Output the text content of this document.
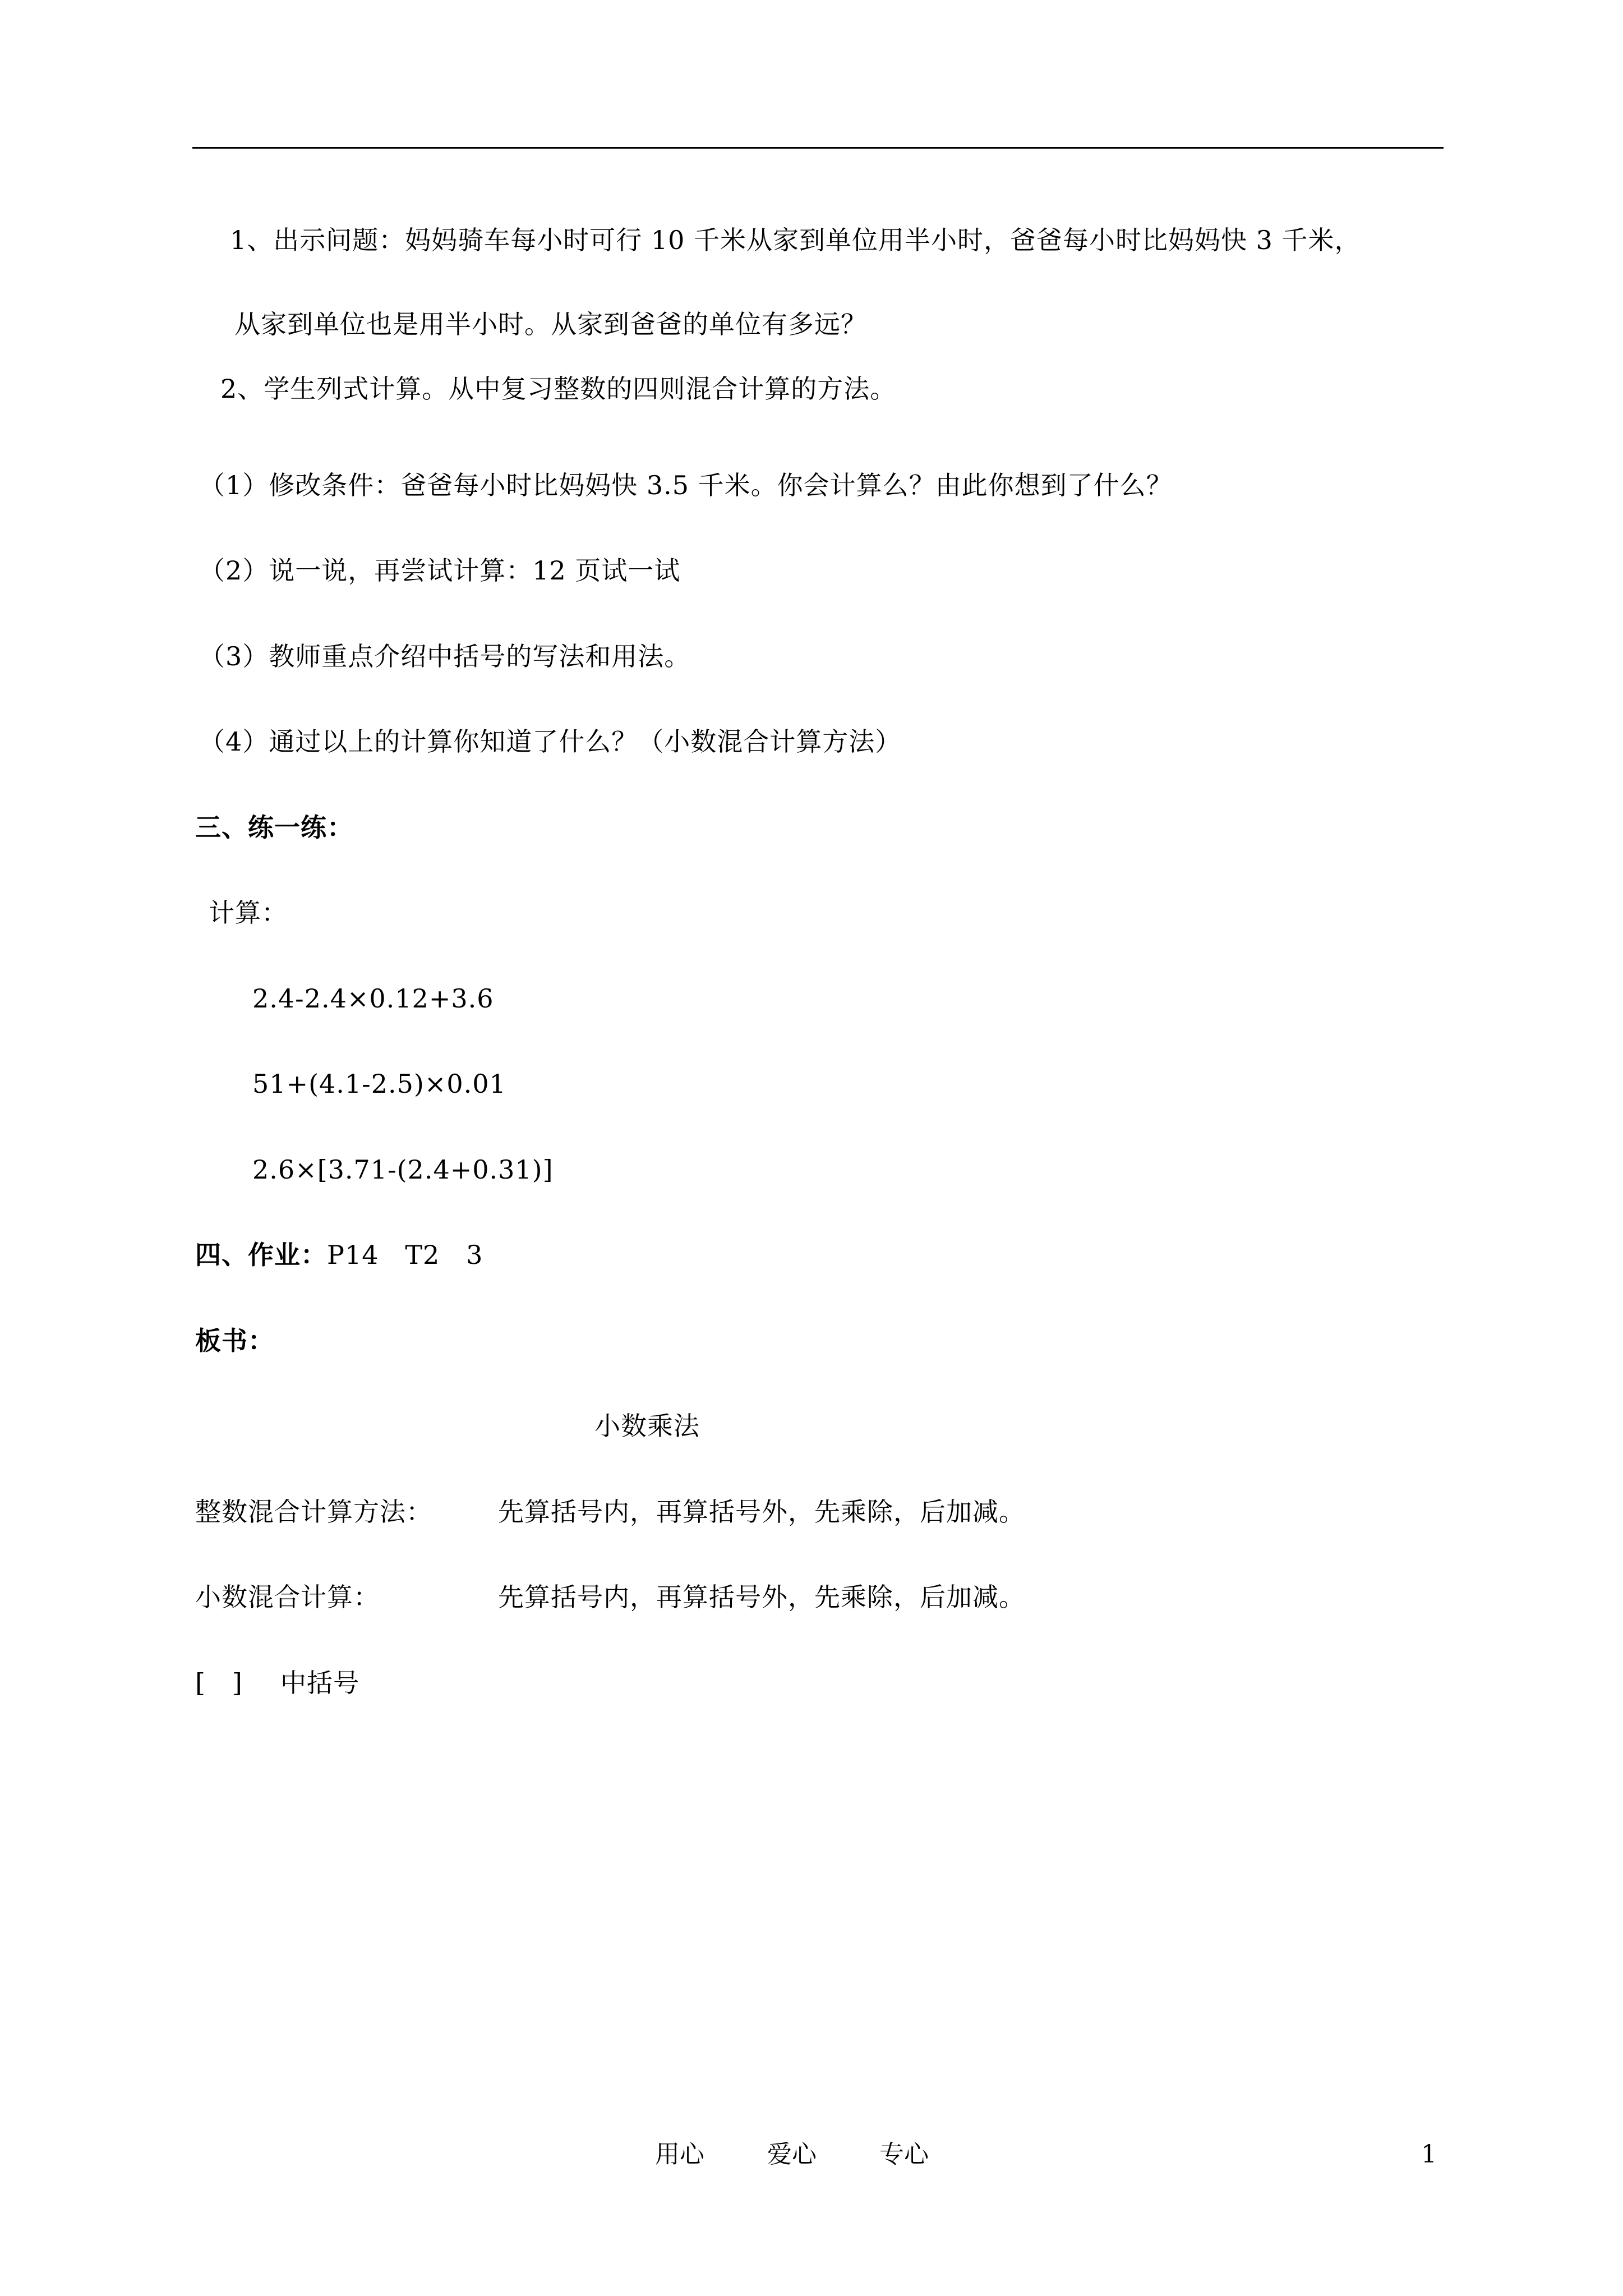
1、出示问题：妈妈骑车每小时可行 10 千米从家到单位用半小时，爸爸每小时比妈妈快 3 千米，
从家到单位也是用半小时。从家到爸爸的单位有多远？
2、学生列式计算。从中复习整数的四则混合计算的方法。
（1）修改条件：爸爸每小时比妈妈快 3.5 千米。你会计算么？由此你想到了什么？
（2）说一说，再尝试计算：12 页试一试
（3）教师重点介绍中括号的写法和用法。
（4）通过以上的计算你知道了什么？（小数混合计算方法）
三、练一练：
计算：
2.4-2.4×0.12+3.6
51+(4.1-2.5)×0.01
2.6×[3.71-(2.4+0.31)]
四、作业：P14   T2   3
板书：
小数乘法
整数混合计算方法：	先算括号内，再算括号外，先乘除，后加减。
小数混合计算：	先算括号内，再算括号外，先乘除，后加减。
[   ] 中括号
用心	爱心	专心	1
